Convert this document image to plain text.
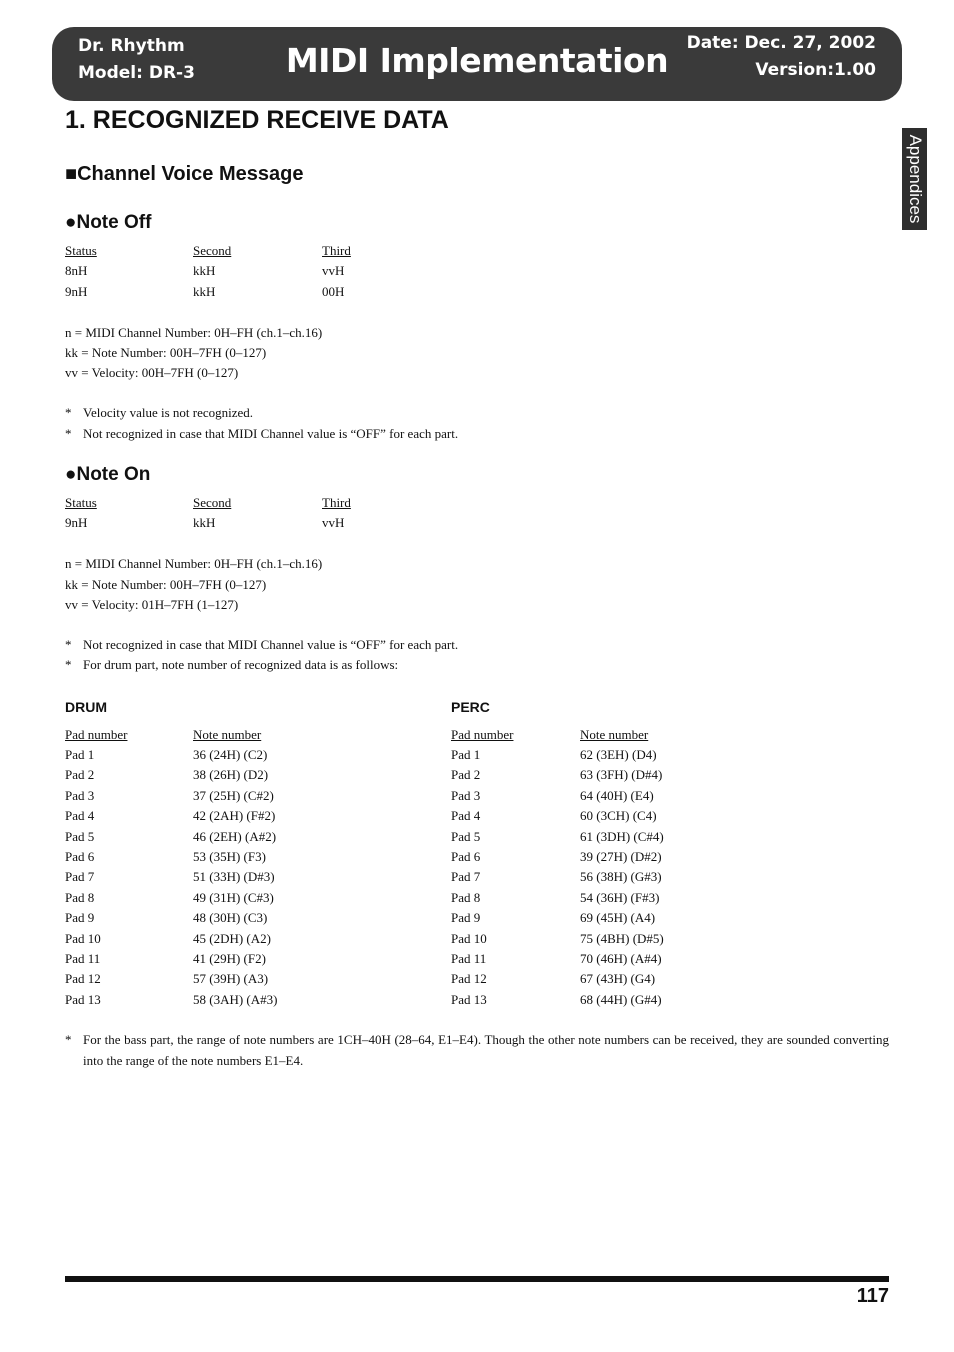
Dr. Rhythm
Model: DR-3	MIDI Implementation	Date: Dec. 27, 2002
Version:1.00
Appendices
1. RECOGNIZED RECEIVE DATA
■Channel Voice Message
●Note Off
Status	Second	Third
8nH	kkH	vvH
9nH	kkH	00H
n = MIDI Channel Number: 0H–FH (ch.1–ch.16)
kk = Note Number: 00H–7FH (0–127)
vv = Velocity: 00H–7FH (0–127)
* Velocity value is not recognized.
* Not recognized in case that MIDI Channel value is “OFF” for each part.
●Note On
Status	Second	Third
9nH	kkH	vvH
n = MIDI Channel Number: 0H–FH (ch.1–ch.16)
kk = Note Number: 00H–7FH (0–127)
vv = Velocity: 01H–7FH (1–127)
* Not recognized in case that MIDI Channel value is “OFF” for each part.
* For drum part, note number of recognized data is as follows:
DRUM
Pad number	Note number
Pad 1	36 (24H) (C2)
Pad 2	38 (26H) (D2)
Pad 3	37 (25H) (C#2)
Pad 4	42 (2AH) (F#2)
Pad 5	46 (2EH) (A#2)
Pad 6	53 (35H) (F3)
Pad 7	51 (33H) (D#3)
Pad 8	49 (31H) (C#3)
Pad 9	48 (30H) (C3)
Pad 10	45 (2DH) (A2)
Pad 11	41 (29H) (F2)
Pad 12	57 (39H) (A3)
Pad 13	58 (3AH) (A#3)
PERC
Pad number	Note number
Pad 1	62 (3EH) (D4)
Pad 2	63 (3FH) (D#4)
Pad 3	64 (40H) (E4)
Pad 4	60 (3CH) (C4)
Pad 5	61 (3DH) (C#4)
Pad 6	39 (27H) (D#2)
Pad 7	56 (38H) (G#3)
Pad 8	54 (36H) (F#3)
Pad 9	69 (45H) (A4)
Pad 10	75 (4BH) (D#5)
Pad 11	70 (46H) (A#4)
Pad 12	67 (43H) (G4)
Pad 13	68 (44H) (G#4)
* For the bass part, the range of note numbers are 1CH–40H (28–64, E1–E4). Though the other note numbers can be received, they are sounded converting into the range of the note numbers E1–E4.
117
